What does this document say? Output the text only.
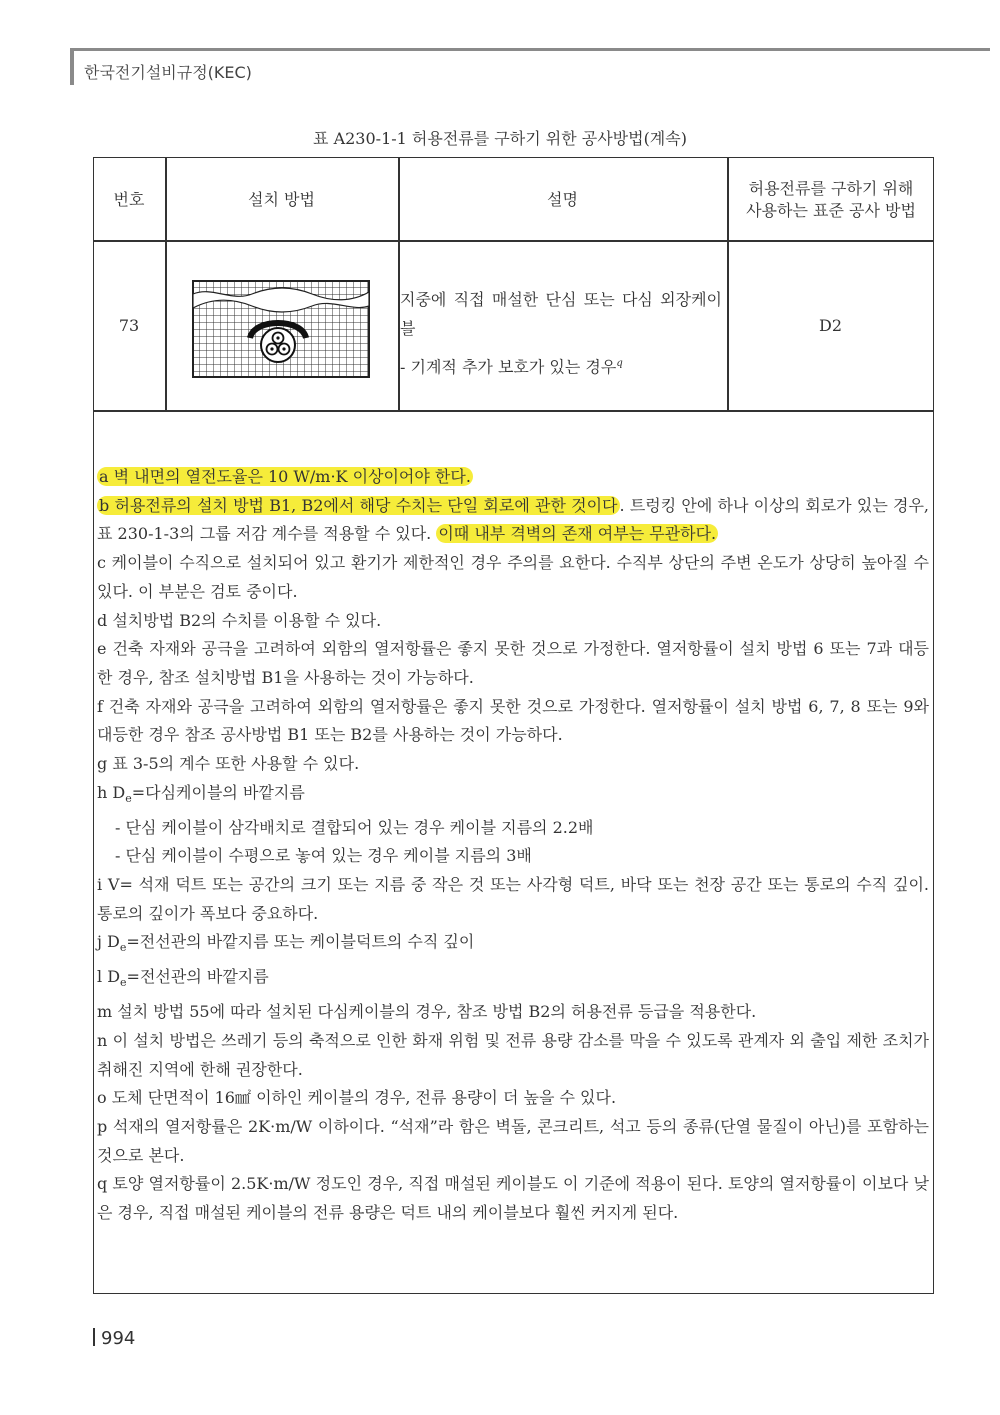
한국전기설비규정(KEC)
표 A230-1-1 허용전류를 구하기 위한 공사방법(계속)
번호	설치 방법	설명
허용전류를 구하기 위해 사용하는 표준 공사 방법
73
지중에 직접 매설한 단심 또는 다심 외장케이블
- 기계적 추가 보호가 있는 경우$^q$
D2
a 벽 내면의 열전도율은 10 W/m·K 이상이어야 한다.
b 허용전류의 설치 방법 B1, B2에서 해당 수치는 단일 회로에 관한 것이다 . 트렁킹 안에 하나 이상의 회로가 있는 경우, 표 230-1-3의 그룹 저감 계수를 적용할 수 있다. 이때 내부 격벽의 존재 여부는 무관하다.
c 케이블이 수직으로 설치되어 있고 환기가 제한적인 경우 주의를 요한다. 수직부 상단의 주변 온도가 상당히 높아질 수 있다. 이 부분은 검토 중이다.
d 설치방법 B2의 수치를 이용할 수 있다.
e 건축 자재와 공극을 고려하여 외함의 열저항률은 좋지 못한 것으로 가정한다. 열저항률이 설치 방법 6 또는 7과 대등한 경우, 참조 설치방법 B1을 사용하는 것이 가능하다.
f 건축 자재와 공극을 고려하여 외함의 열저항률은 좋지 못한 것으로 가정한다. 열저항률이 설치 방법 6, 7, 8 또는 9와 대등한 경우 참조 공사방법 B1 또는 B2를 사용하는 것이 가능하다.
g 표 3-5의 계수 또한 사용할 수 있다.
h $D_e=$다심케이블의 바깥지름
- 단심 케이블이 삼각배치로 결합되어 있는 경우 케이블 지름의 2.2배
- 단심 케이블이 수평으로 놓여 있는 경우 케이블 지름의 3배
i V= 석재 덕트 또는 공간의 크기 또는 지름 중 작은 것 또는 사각형 덕트, 바닥 또는 천장 공간 또는 통로의 수직 깊이. 통로의 깊이가 폭보다 중요하다.
j $D_e=$전선관의 바깥지름 또는 케이블덕트의 수직 깊이
l $D_e=$전선관의 바깥지름
m 설치 방법 55에 따라 설치된 다심케이블의 경우, 참조 방법 B2의 허용전류 등급을 적용한다.
n 이 설치 방법은 쓰레기 등의 축적으로 인한 화재 위험 및 전류 용량 감소를 막을 수 있도록 관계자 외 출입 제한 조치가 취해진 지역에 한해 권장한다.
o 도체 단면적이 16㎟ 이하인 케이블의 경우, 전류 용량이 더 높을 수 있다.
p 석재의 열저항률은 2K·m/W 이하이다. “석재”라 함은 벽돌, 콘크리트, 석고 등의 종류(단열 물질이 아닌)를 포함하는 것으로 본다.
q 토양 열저항률이 2.5K·m/W 정도인 경우, 직접 매설된 케이블도 이 기준에 적용이 된다. 토양의 열저항률이 이보다 낮은 경우, 직접 매설된 케이블의 전류 용량은 덕트 내의 케이블보다 훨씬 커지게 된다.
994
